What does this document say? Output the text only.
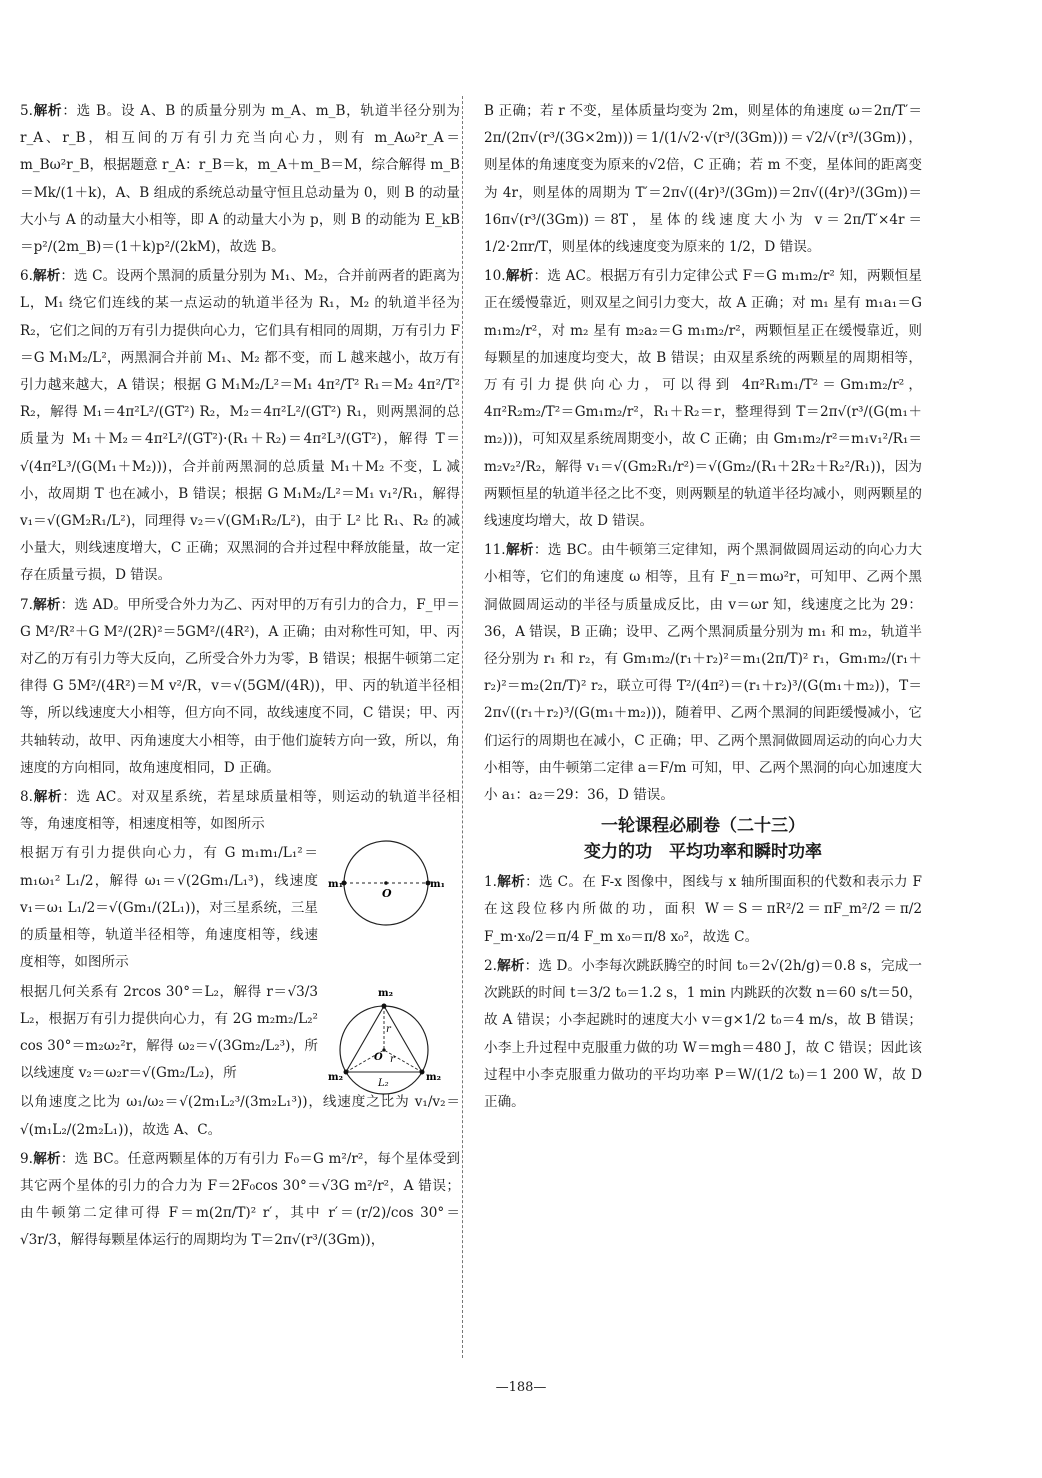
5.解析：选 B。设 A、B 的质量分别为 m_A、m_B，轨道半径分别为 r_A、r_B，相互间的万有引力充当向心力，则有 m_Aω²r_A＝m_Bω²r_B，根据题意 r_A：r_B＝k，m_A＋m_B＝M，综合解得 m_B＝Mk/(1＋k)，A、B 组成的系统总动量守恒且总动量为 0，则 B 的动量大小与 A 的动量大小相等，即 A 的动量大小为 p，则 B 的动能为 E_kB＝p²/(2m_B)＝(1＋k)p²/(2kM)，故选 B。

6.解析：选 C。设两个黑洞的质量分别为 M₁、M₂，合并前两者的距离为 L，M₁ 绕它们连线的某一点运动的轨道半径为 R₁，M₂ 的轨道半径为 R₂，它们之间的万有引力提供向心力，它们具有相同的周期，万有引力 F＝G M₁M₂/L²，两黑洞合并前 M₁、M₂ 都不变，而 L 越来越小，故万有引力越来越大，A 错误；根据 G M₁M₂/L²＝M₁ 4π²/T² R₁＝M₂ 4π²/T² R₂，解得 M₁＝4π²L²/(GT²) R₂，M₂＝4π²L²/(GT²) R₁，则两黑洞的总质量为 M₁＋M₂＝4π²L²/(GT²)·(R₁＋R₂)＝4π²L³/(GT²)，解得 T＝√(4π²L³/(G(M₁＋M₂)))，合并前两黑洞的总质量 M₁＋M₂ 不变，L 减小，故周期 T 也在减小，B 错误；根据 G M₁M₂/L²＝M₁ v₁²/R₁，解得 v₁＝√(GM₂R₁/L²)，同理得 v₂＝√(GM₁R₂/L²)，由于 L² 比 R₁、R₂ 的减小量大，则线速度增大，C 正确；双黑洞的合并过程中释放能量，故一定存在质量亏损，D 错误。

7.解析：选 AD。甲所受合外力为乙、丙对甲的万有引力的合力，F_甲＝G M²/R²＋G M²/(2R)²＝5GM²/(4R²)，A 正确；由对称性可知，甲、丙对乙的万有引力等大反向，乙所受合外力为零，B 错误；根据牛顿第二定律得 G 5M²/(4R²)＝M v²/R，v＝√(5GM/(4R))，甲、丙的轨道半径相等，所以线速度大小相等，但方向不同，故线速度不同，C 错误；甲、丙共轴转动，故甲、丙角速度大小相等，由于他们旋转方向一致，所以，角速度的方向相同，故角速度相同，D 正确。

8.解析：选 AC。对双星系统，若星球质量相等，则运动的轨道半径相等，角速度相等，相速度相等，如图所示

根据万有引力提供向心力，有 G m₁m₁/L₁²＝m₁ω₁² L₁/2，解得 ω₁＝√(2Gm₁/L₁³)，线速度 v₁＝ω₁ L₁/2＝√(Gm₁/(2L₁))，对三星系统，三星的质量相等，轨道半径相等，角速度相等，线速度相等，如图所示

根据几何关系有 2rcos 30°＝L₂，解得 r＝√3/3 L₂，根据万有引力提供向心力，有 2G m₂m₂/L₂² cos 30°＝m₂ω₂²r，解得 ω₂＝√(3Gm₂/L₂³)，所以线速度 v₂＝ω₂r＝√(Gm₂/L₂)，所

以角速度之比为 ω₁/ω₂＝√(2m₁L₂³/(3m₂L₁³))，线速度之比为 v₁/v₂＝√(m₁L₂/(2m₂L₁))，故选 A、C。

9.解析：选 BC。任意两颗星体的万有引力 F₀＝G m²/r²，每个星体受到其它两个星体的引力的合力为 F＝2F₀cos 30°＝√3G m²/r²，A 错误；由牛顿第二定律可得 F＝m(2π/T)² r′，其中 r′＝(r/2)/cos 30°＝√3r/3，解得每颗星体运行的周期均为 T＝2π√(r³/(3Gm))，

B 正确；若 r 不变，星体质量均变为 2m，则星体的角速度 ω＝2π/T′＝2π/(2π√(r³/(3G×2m)))＝1/(1/√2·√(r³/(3Gm)))＝√2/√(r³/(3Gm))，则星体的角速度变为原来的√2倍，C 正确；若 m 不变，星体间的距离变为 4r，则星体的周期为 T′＝2π√((4r)³/(3Gm))＝2π√((4r)³/(3Gm))＝16π√(r³/(3Gm))＝8T，星体的线速度大小为 v＝2π/T′×4r＝1/2·2πr/T，则星体的线速度变为原来的 1/2，D 错误。

10.解析：选 AC。根据万有引力定律公式 F＝G m₁m₂/r² 知，两颗恒星正在缓慢靠近，则双星之间引力变大，故 A 正确；对 m₁ 星有 m₁a₁＝G m₁m₂/r²，对 m₂ 星有 m₂a₂＝G m₁m₂/r²，两颗恒星正在缓慢靠近，则每颗星的加速度均变大，故 B 错误；由双星系统的两颗星的周期相等，万有引力提供向心力，可以得到 4π²R₁m₁/T²＝Gm₁m₂/r²，4π²R₂m₂/T²＝Gm₁m₂/r²，R₁＋R₂＝r，整理得到 T＝2π√(r³/(G(m₁＋m₂)))，可知双星系统周期变小，故 C 正确；由 Gm₁m₂/r²＝m₁v₁²/R₁＝m₂v₂²/R₂，解得 v₁＝√(Gm₂R₁/r²)＝√(Gm₂/(R₁＋2R₂＋R₂²/R₁))，因为两颗恒星的轨道半径之比不变，则两颗星的轨道半径均减小，则两颗星的线速度均增大，故 D 错误。

11.解析：选 BC。由牛顿第三定律知，两个黑洞做圆周运动的向心力大小相等，它们的角速度 ω 相等，且有 F_n＝mω²r，可知甲、乙两个黑洞做圆周运动的半径与质量成反比，由 v＝ωr 知，线速度之比为 29：36，A 错误，B 正确；设甲、乙两个黑洞质量分别为 m₁ 和 m₂，轨道半径分别为 r₁ 和 r₂，有 Gm₁m₂/(r₁＋r₂)²＝m₁(2π/T)² r₁，Gm₁m₂/(r₁＋r₂)²＝m₂(2π/T)² r₂，联立可得 T²/(4π²)＝(r₁＋r₂)³/(G(m₁＋m₂))，T＝2π√((r₁＋r₂)³/(G(m₁＋m₂)))，随着甲、乙两个黑洞的间距缓慢减小，它们运行的周期也在减小，C 正确；甲、乙两个黑洞做圆周运动的向心力大小相等，由牛顿第二定律 a＝F/m 可知，甲、乙两个黑洞的向心加速度大小 a₁：a₂＝29：36，D 错误。

一轮课程必刷卷（二十三）
变力的功　平均功率和瞬时功率

1.解析：选 C。在 F-x 图像中，图线与 x 轴所围面积的代数和表示力 F 在这段位移内所做的功，面积 W＝S＝πR²/2＝πF_m²/2＝π/2 F_m·x₀/2＝π/4 F_m x₀＝π/8 x₀²，故选 C。

2.解析：选 D。小李每次跳跃腾空的时间 t₀＝2√(2h/g)＝0.8 s，完成一次跳跃的时间 t＝3/2 t₀＝1.2 s，1 min 内跳跃的次数 n＝60 s/t＝50，故 A 错误；小李起跳时的速度大小 v＝g×1/2 t₀＝4 m/s，故 B 错误；小李上升过程中克服重力做的功 W＝mgh＝480 J，故 C 错误；因此该过程中小李克服重力做功的平均功率 P＝W/(1/2 t₀)＝1 200 W，故 D 正确。

m₁	m₁
O
m₂
m₂	m₂
O
r
r
L₂
—188—
